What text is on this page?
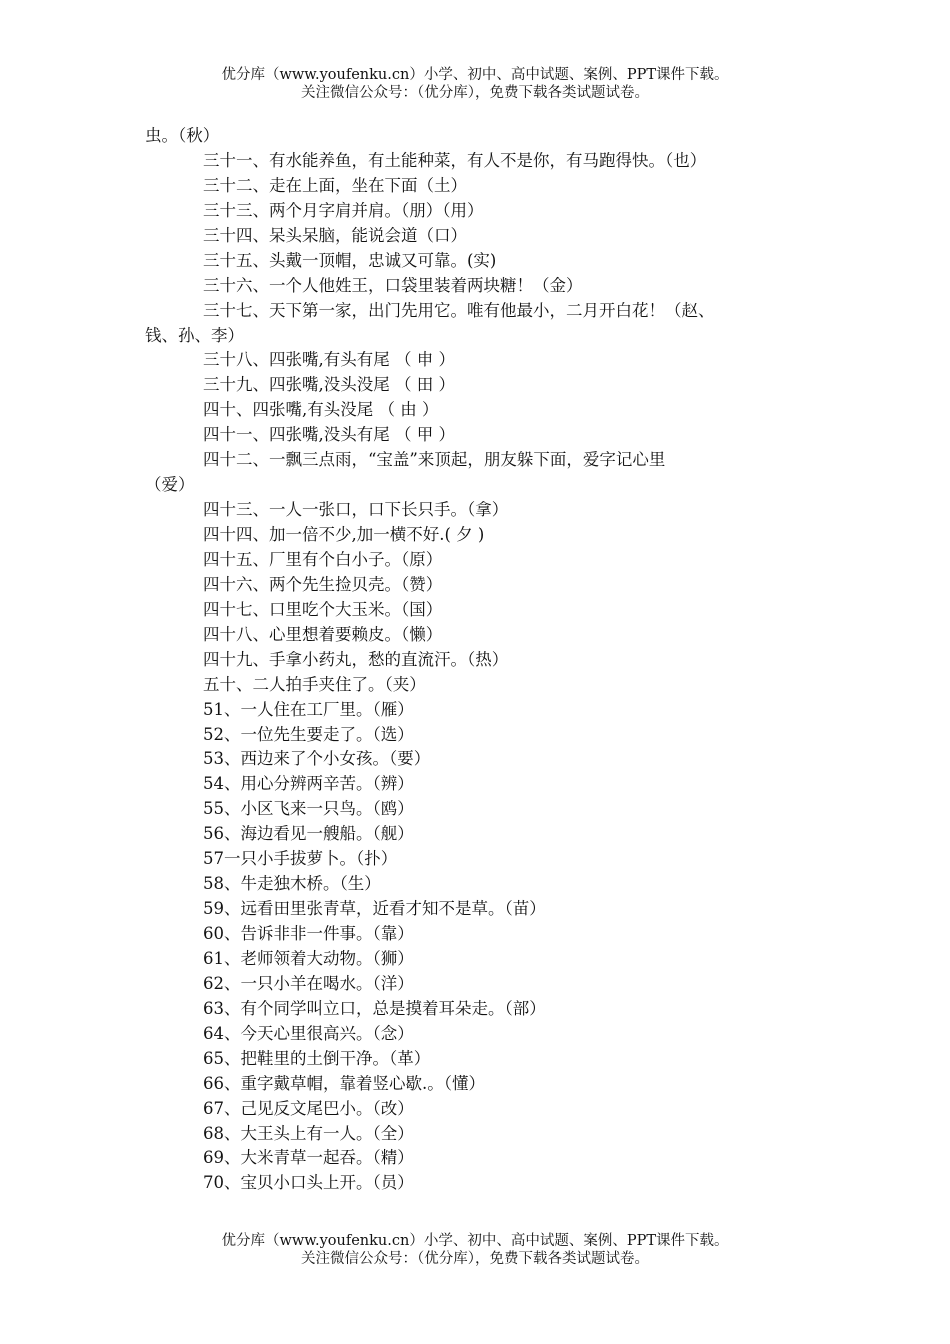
优分库（www.youfenku.cn）小学、初中、高中试题、案例、PPT课件下载。
关注微信公众号：（优分库），免费下载各类试题试卷。
虫。（秋）
三十一、有水能养鱼，有土能种菜，有人不是你，有马跑得快。（也）
三十二、走在上面，坐在下面（土）
三十三、两个月字肩并肩。（朋）（用）
三十四、呆头呆脑，能说会道（口）
三十五、头戴一顶帽，忠诚又可靠。(实)
三十六、一个人他姓王，口袋里装着两块糖！（金）
三十七、天下第一家，出门先用它。唯有他最小，二月开白花！（赵、
钱、孙、李）
三十八、四张嘴,有头有尾 （ 申 ）
三十九、四张嘴,没头没尾 （ 田 ）
四十、四张嘴,有头没尾 （ 由 ）
四十一、四张嘴,没头有尾 （ 甲 ）
四十二、一飘三点雨，“宝盖”来顶起，朋友躲下面，爱字记心里
（爱）
四十三、一人一张口，口下长只手。（拿）
四十四、加一倍不少,加一横不好.( 夕 )
四十五、厂里有个白小子。（原）
四十六、两个先生捡贝壳。（赞）
四十七、口里吃个大玉米。（国）
四十八、心里想着要赖皮。（懒）
四十九、手拿小药丸，愁的直流汗。（热）
五十、二人拍手夹住了。（夹）
51、一人住在工厂里。（雁）
52、一位先生要走了。（选）
53、西边来了个小女孩。（要）
54、用心分辨两辛苦。（辨）
55、小区飞来一只鸟。（鸥）
56、海边看见一艘船。（舰）
57一只小手拔萝卜。（扑）
58、牛走独木桥。（生）
59、远看田里张青草，近看才知不是草。（苗）
60、告诉非非一件事。（靠）
61、老师领着大动物。（狮）
62、一只小羊在喝水。（洋）
63、有个同学叫立口，总是摸着耳朵走。（部）
64、今天心里很高兴。（念）
65、把鞋里的土倒干净。（革）
66、重字戴草帽，靠着竖心歇.。（懂）
67、己见反文尾巴小。（改）
68、大王头上有一人。（全）
69、大米青草一起吞。（精）
70、宝贝小口头上开。（员）
优分库（www.youfenku.cn）小学、初中、高中试题、案例、PPT课件下载。
关注微信公众号：（优分库），免费下载各类试题试卷。
